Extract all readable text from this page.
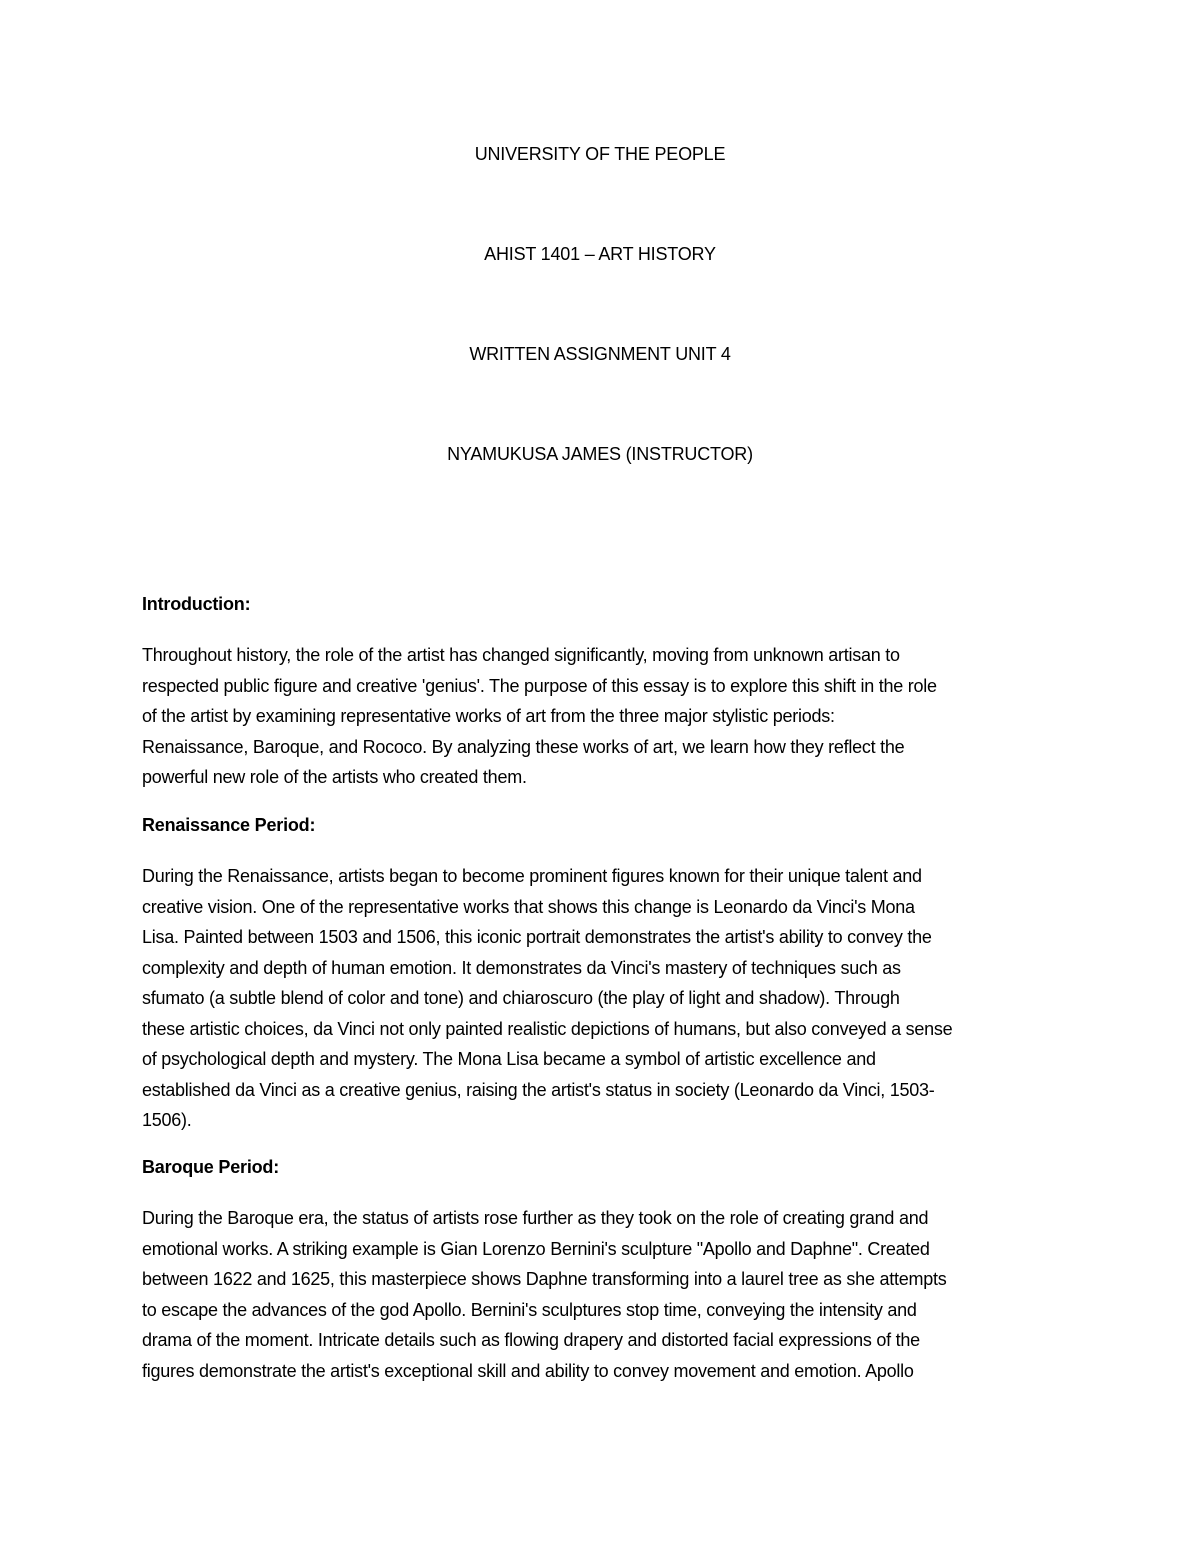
UNIVERSITY OF THE PEOPLE
AHIST 1401 – ART HISTORY
WRITTEN ASSIGNMENT UNIT 4
NYAMUKUSA JAMES (INSTRUCTOR)
Introduction:
Throughout history, the role of the artist has changed significantly, moving from unknown artisan to
respected public figure and creative 'genius'. The purpose of this essay is to explore this shift in the role
of the artist by examining representative works of art from the three major stylistic periods:
Renaissance, Baroque, and Rococo. By analyzing these works of art, we learn how they reflect the
powerful new role of the artists who created them.
Renaissance Period:
During the Renaissance, artists began to become prominent figures known for their unique talent and
creative vision. One of the representative works that shows this change is Leonardo da Vinci's Mona
Lisa. Painted between 1503 and 1506, this iconic portrait demonstrates the artist's ability to convey the
complexity and depth of human emotion. It demonstrates da Vinci's mastery of techniques such as
sfumato (a subtle blend of color and tone) and chiaroscuro (the play of light and shadow). Through
these artistic choices, da Vinci not only painted realistic depictions of humans, but also conveyed a sense
of psychological depth and mystery. The Mona Lisa became a symbol of artistic excellence and
established da Vinci as a creative genius, raising the artist's status in society (Leonardo da Vinci, 1503-
1506).
Baroque Period:
During the Baroque era, the status of artists rose further as they took on the role of creating grand and
emotional works. A striking example is Gian Lorenzo Bernini's sculpture "Apollo and Daphne". Created
between 1622 and 1625, this masterpiece shows Daphne transforming into a laurel tree as she attempts
to escape the advances of the god Apollo. Bernini's sculptures stop time, conveying the intensity and
drama of the moment. Intricate details such as flowing drapery and distorted facial expressions of the
figures demonstrate the artist's exceptional skill and ability to convey movement and emotion. Apollo
